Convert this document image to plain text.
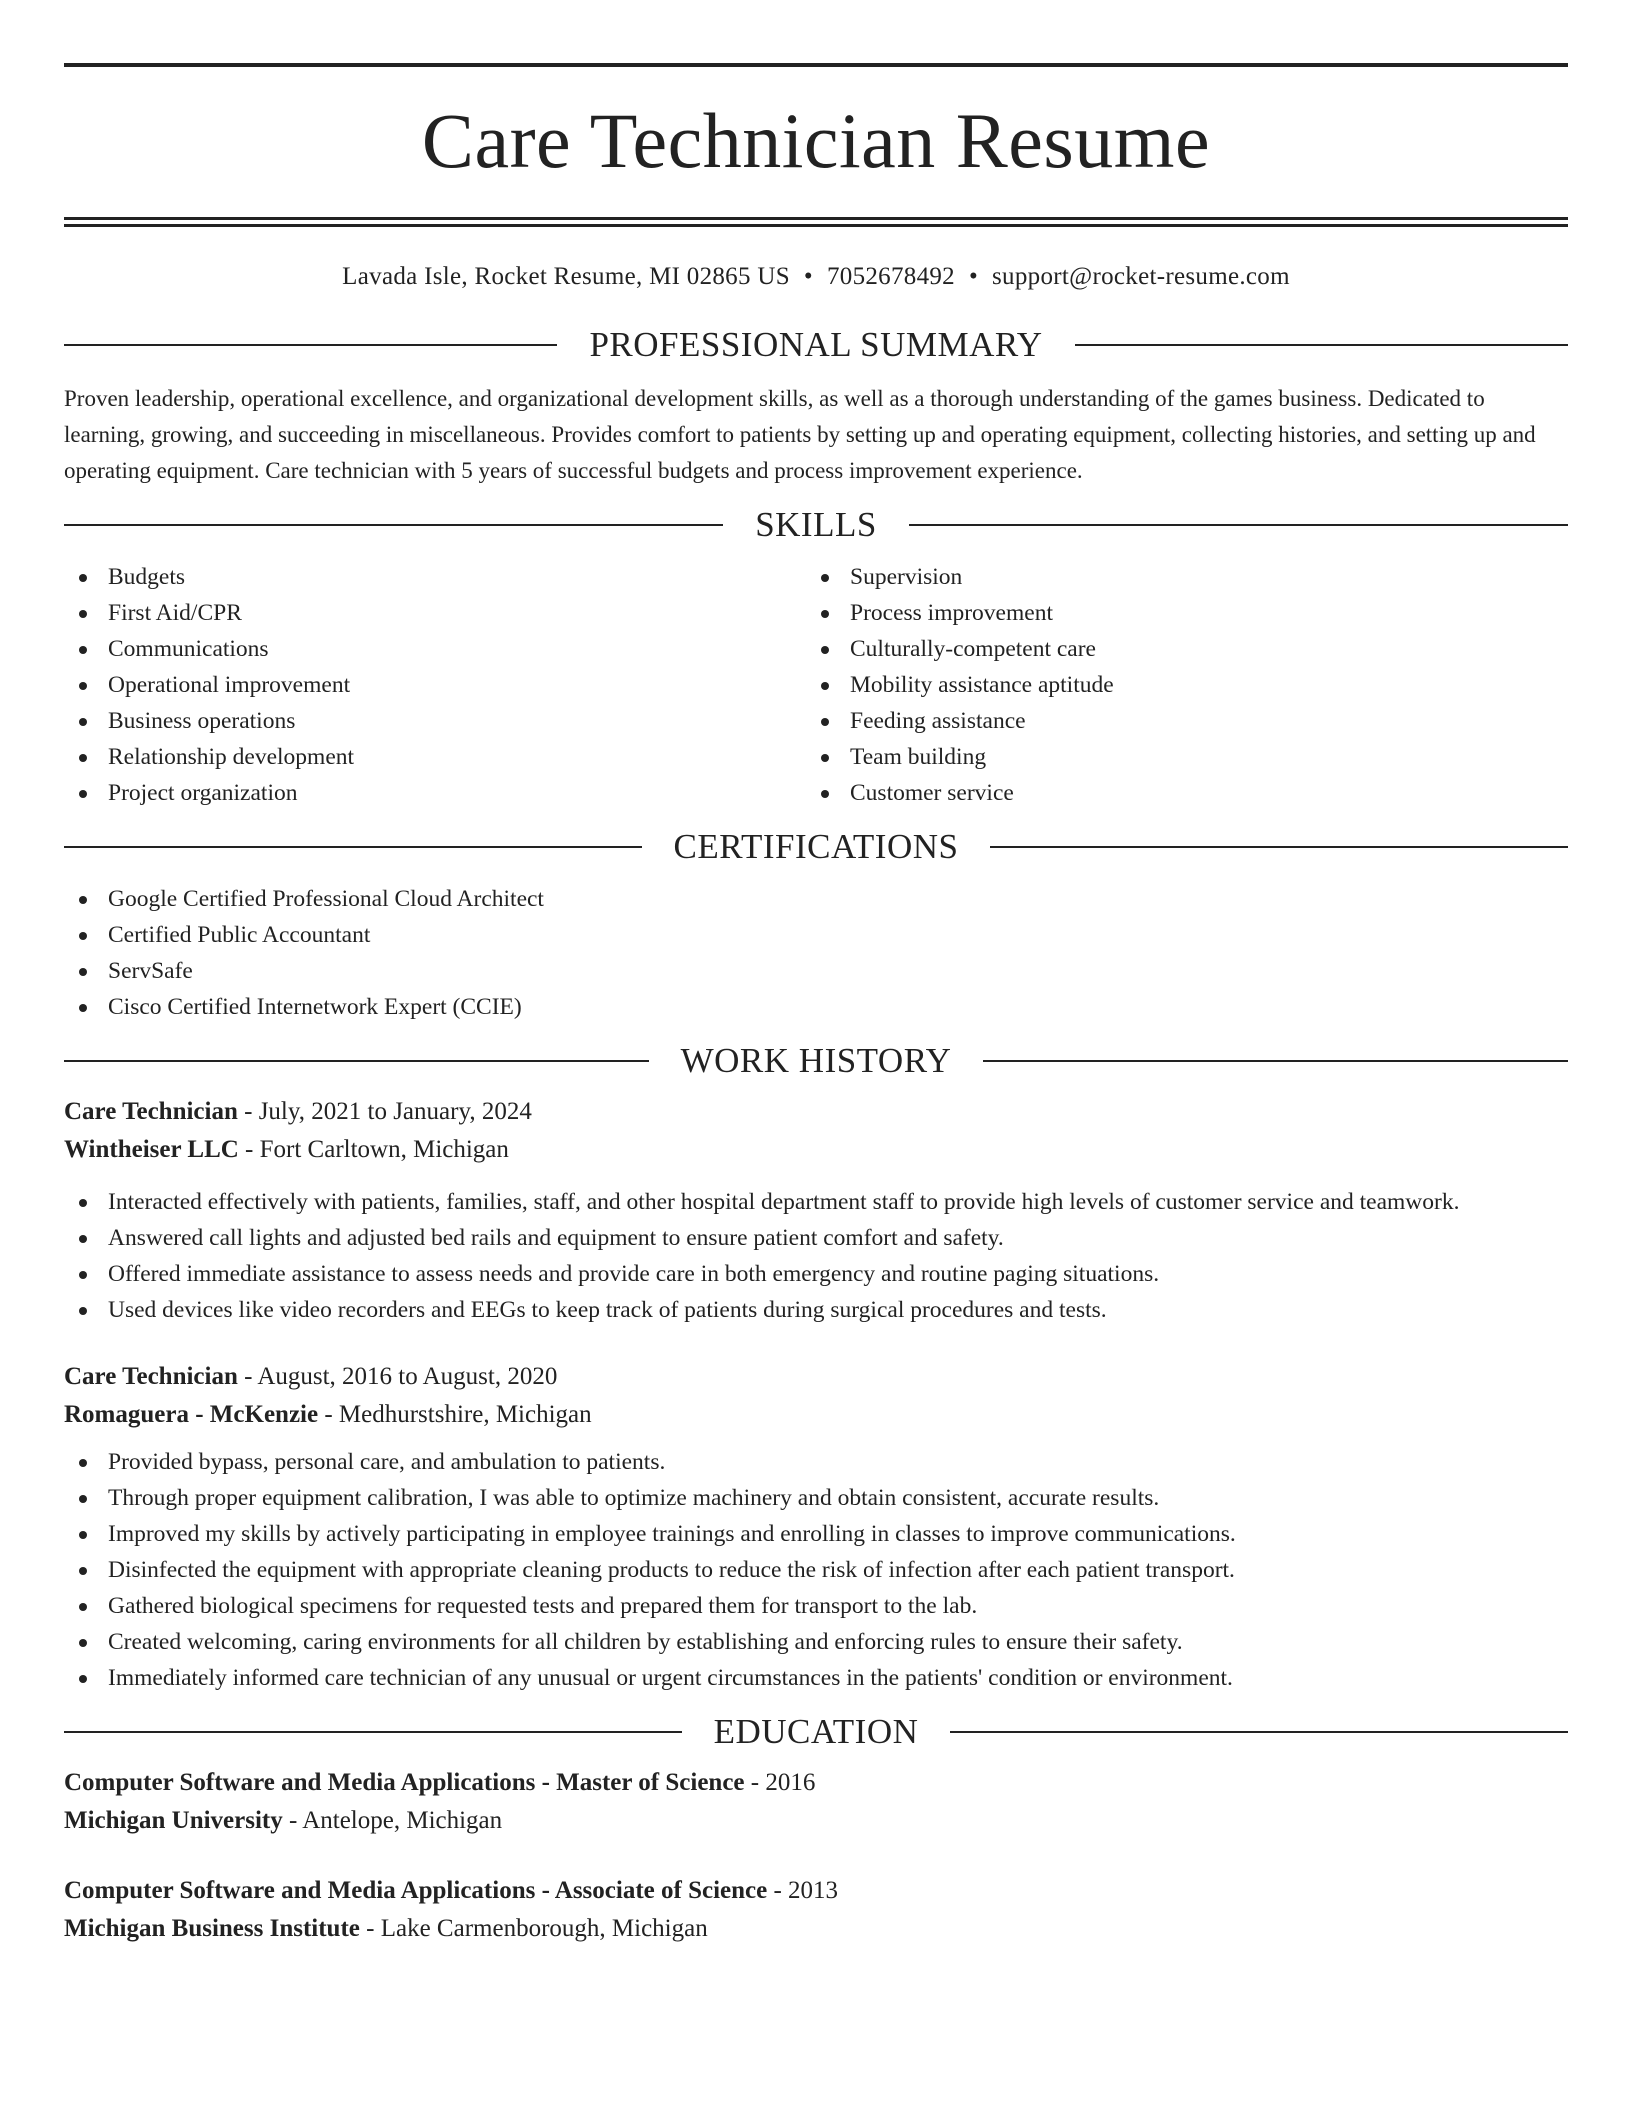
Care Technician Resume
Lavada Isle, Rocket Resume, MI 02865 US • 7052678492 • support@rocket-resume.com
PROFESSIONAL SUMMARY

Proven leadership, operational excellence, and organizational development skills, as well as a thorough understanding of the games business. Dedicated to learning, growing, and succeeding in miscellaneous. Provides comfort to patients by setting up and operating equipment, collecting histories, and setting up and operating equipment. Care technician with 5 years of successful budgets and process improvement experience.

SKILLS
Budgets
First Aid/CPR
Communications
Operational improvement
Business operations
Relationship development
Project organization
Supervision
Process improvement
Culturally-competent care
Mobility assistance aptitude
Feeding assistance
Team building
Customer service
CERTIFICATIONS
Google Certified Professional Cloud Architect
Certified Public Accountant
ServSafe
Cisco Certified Internetwork Expert (CCIE)
WORK HISTORY

Care Technician - July, 2021 to January, 2024

Wintheiser LLC - Fort Carltown, Michigan

Interacted effectively with patients, families, staff, and other hospital department staff to provide high levels of customer service and teamwork.
Answered call lights and adjusted bed rails and equipment to ensure patient comfort and safety.
Offered immediate assistance to assess needs and provide care in both emergency and routine paging situations.
Used devices like video recorders and EEGs to keep track of patients during surgical procedures and tests.

Care Technician - August, 2016 to August, 2020

Romaguera - McKenzie - Medhurstshire, Michigan

Provided bypass, personal care, and ambulation to patients.
Through proper equipment calibration, I was able to optimize machinery and obtain consistent, accurate results.
Improved my skills by actively participating in employee trainings and enrolling in classes to improve communications.
Disinfected the equipment with appropriate cleaning products to reduce the risk of infection after each patient transport.
Gathered biological specimens for requested tests and prepared them for transport to the lab.
Created welcoming, caring environments for all children by establishing and enforcing rules to ensure their safety.
Immediately informed care technician of any unusual or urgent circumstances in the patients' condition or environment.
EDUCATION

Computer Software and Media Applications - Master of Science - 2016

Michigan University - Antelope, Michigan

Computer Software and Media Applications - Associate of Science - 2013

Michigan Business Institute - Lake Carmenborough, Michigan
